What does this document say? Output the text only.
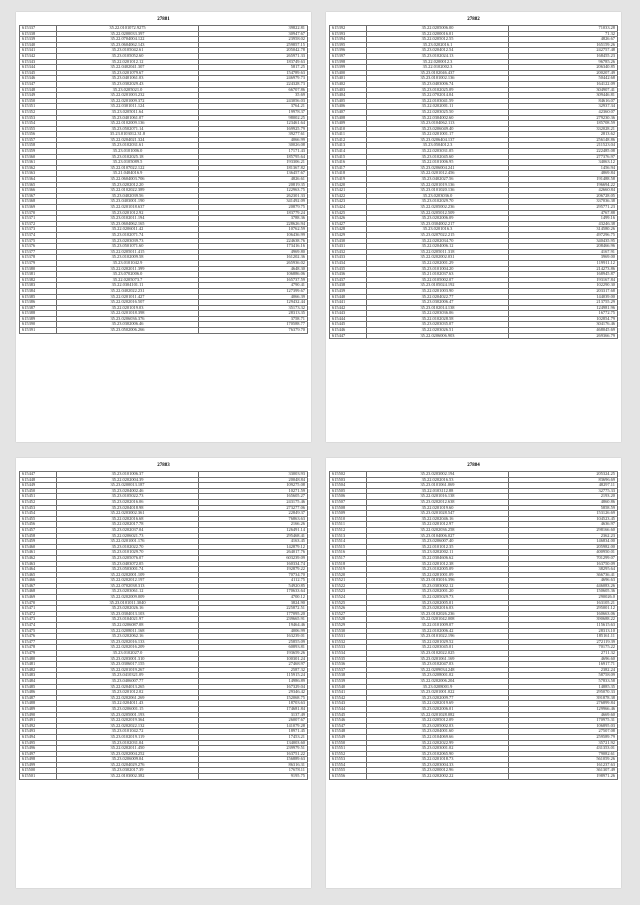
27881
615337	35.22.0101072.9275	39822.81
615338	35.22.0200033.397	30947.67
615339	35.22.0704004.122	23958.02
615340	35.23.0604062.143	259857.15
615341	35.23.0105042.61	205042.78
615342	35.23.0105052.60	265971.33
615343	35.22.0201012.12	183749.63
615344	35.22.0402041.307	5817.25
615345	35.23.0201079.67	154789.63
615346	35.23.0401061.03	246979.73
615347	35.23.0302029.43	224328.73
615348	35.23.0205021.0	66707.86
615349	35.22.0201003.232	35.69
615350	35.22.0201009.372	243056.03
615351	35.22.0301011.124	3764.21
615352	35.23.0205011.64	19978.37
615353	35.23.0401061.07	98002.25
615354	35.22.0102009.136	123461.64
615355	35.23.0502071.14	169925.79
615356	35.23.0103012.31.8	39277.61
615357	35.22.0204021.324	4066.99
615358	35.23.0102031.61	30026.08
615359	35.23.0101006.0	17171.43
615360	35.23.0102025.18	185795.64
615361	35.23.0105089.5	193306.21
615362	35.22.0107022.122	181367.82
615363	35.21.0404016.9	136457.67
615364	35.22.0604003.706	4826.61
615365	35.23.0202012.20	20819.35
615366	35.22.0102022.389	122963.75
615367	35.23.0402039.56	262301.33
615368	35.23.0403001.190	341492.09
615369	35.22.0201018.637	20879.75
615370	35.23.0201012.92	183779.24
615371	35.23.0102011.194	3788.36
615372	35.23.0604062.165	228626.94
615373	35.22.0206011.42	10762.59
615374	35.23.0102071.74	106436.99
615375	35.23.0203039.73	224638.76
615376	35.23.0501071.60	173416.16
615377	35.22.0205011.415	4969.80
615378	35.23.0102009.58	161202.36
615379	35.23.0101042.9	265936.02
615380	35.22.0202011.399	4648.30
615381	35.23.0702006.0	106886.06
615382	35.22.0205073.7	165737.59
615383	35.22.0304101.11	4790.41
615384	35.22.0402022.231	127399.67
615385	35.22.0201011.427	4066.39
615386	35.22.0202016.507	129432.44
615387	35.22.0201019.03	35173.32
615388	35.22.0201018.398	28313.35
615389	35.23.0206036.376	3758.71
615390	35.23.0302006.46	170588.77
615391	35.23.0502006.266	76379.70
27882
615392	35.22.0205006.00	71033.28
615393	35.22.0200016.01	71.32
615394	35.22.0205012.55	4826.67
615395	35.23.0202016.1	165159.26
615396	35.23.0204012.54	242757.48
615397	35.23.0102024.13	168455.23
615398	35.22.0200012.3	96785.26
615399	35.22.0102002.3	206340.85
615400	35.23.0102046.437	200207.49
615401	35.23.0101002.136	50442.68
615402	35.23.0403006.74	164122.09
615403	35.23.0102025.09	304907.41
615404	35.22.0702014.04	309446.81
615405	35.22.0103041.59	84616.07
615406	35.22.0202001.11	32937.34
615407	35.22.0203025.50	42360.07
615408	35.22.0304002.60	279230.36
615409	35.23.0104062.113	185708.59
615410	35.23.0206049.40	332028.21
615411	35.22.0201001.17	2813.62
615412	35.23.0206404.137	256148.86
615413	35.23.0504012.3	211523.04
615414	35.22.0203031.05	222485.08
615415	35.23.0102045.60	277376.97
615416	35.22.0101006.95	34063.12
615417	35.23.0206004.241	1456.94
615418	35.22.0201012.456	4869.84
615419	35.23.0402027.56	191488.58
615420	35.22.0201019.136	196694.22
615421	35.23.0101020.136	42660.84
615422	35.23.0203036.0	206728.05
615423	35.23.0102029.70	337036.38
615424	35.22.0205002.236	295771.23
615425	35.22.0205012.509	4767.88
615426	35.23.0202006.09	1499.16
615427	35.23.0304002.217	43246.38
615428	35.23.0201016.3	314580.26
615429	35.23.0207022.215	497296.75
615430	35.22.0202034.70	340435.95
615431	35.22.0204006.12	208466.96
615432	35.22.0205011.318	4167.91
615433	35.22.0202002.031	3969.00
615434	35.22.0202001.29	119911.12
615435	35.23.0101004.20	214273.86
615436	35.21.0102037.63	168945.87
615437	35.22.0105002.07	193167.84
615438	35.23.0105024.192	102290.30
615439	35.22.0201003.90	203317.68
615440	35.22.0204022.77	144039.00
615441	35.23.0302006.47	213755.29
615442	35.23.0102014.138	124981.96
615443	35.22.0203036.06	16772.75
615444	35.22.0102028.58	102854.79
615445	35.23.0203035.07	304176.46
615446	35.22.0203026.51	468045.69
615447	35.22.0206006.903	269366.79
27883
615447	35.23.0101006.37	33003.93
615448	35.22.0202004.39	20048.84
615449	35.23.0200013.187	109275.08
615450	35.23.0204002.46	10271.59
615451	35.23.0105022.73	165605.27
615452	35.23.0202016.06	243175.46
615453	35.23.0204018.98	273277.06
615454	35.22.0203002.361	22849.37
615455	35.22.0202016.68	76863.63
615456	35.22.0202017.78	2166.26
615457	35.23.0202037.04	126491.14
615458	35.22.0206021.73	295468.41
615459	35.22.0201001.176	4163.45
615460	35.23.0102022.70	142879.12
615461	35.23.0101029.70	264017.76
615462	35.23.0205076.07	603239.09
615463	35.23.0403072.05	160334.74
615464	35.23.0503001.74	192879.22
615465	35.22.0202001.109	70734.70
615466	35.22.0202012.197	4112.75
615467	35.22.0702038.313	54920.85
615468	35.23.0203061.12	170633.64
615469	35.22.0202009.009	4700.12
615470	35.23.0101011.3040	3824.90
615471	35.23.0202026.16	225872.51
615472	35.23.0304013.103	177095.20
615473	35.23.0104021.97	239665.91
615474	35.22.0206087.08	19464.46
615475	35.22.0208011.168	4006.99
615476	35.23.0202062.16	163239.01
615477	35.23.0202016.133	25855.09
615478	35.22.0202016.209	60893.81
615479	35.23.0102027.0	193659.26
615480	35.23.0203001.310	100301.24
615481	35.23.0306017.155	27468.97
615482	35.22.0201019.267	2587.32
615483	35.23.0410321.09	115915.24
615484	35.23.0406007.77	14986.89
615485	35.22.0204013.265	167329.04
615486	35.23.0201012.02	29346.42
615487	35.22.0202061.269	152068.75
615488	35.22.0204011.43	18703.63
615489	35.23.0206001.15	174681.84
615490	35.23.0205001.193	3137.49
615491	35.22.0202019.364	26007.67
615492	35.22.0202022.132	141079.28
615493	35.23.0101042.72	18971.45
615494	35.23.0102019.119	17453.21
615495	35.23.0102031.04	134003.60
615496	35.22.0202011.450	239979.51
615497	35.23.0202004.252	163751.22
615498	35.23.0206009.04	156889.63
615499	35.22.0204029.276	86316.31
615500	35.23.0302017.39	17678.11
615501	35.22.0103002.382	9195.75
27884
615502	35.23.0203002.194	205324.25
615503	35.22.0202016.53	83696.69
615504	35.23.0101061.069	48297.11
615505	35.22.0103112.88	32775.33
615506	35.22.0201016.138	2193.20
615507	35.23.0202012.638	4860.86
615508	35.22.0201019.60	5858.59
615509	35.23.0201028.547	153126.69
615510	35.22.0202046.16	104523.45
615511	35.22.0201012.97	4636.97
615512	35.22.0202036.258	298166.60
615513	35.23.0104006.027	2362.23
615514	35.23.0206007.40	146834.00
615515	35.22.0101012.35	205982.00
615516	35.23.0202002.11	400950.01
615517	35.22.0304606.62	701299.07
615518	35.22.0201012.38	163750.09
615519	35.23.0102005.09	38295.64
615520	35.22.0201001.09	366736.41
615521	35.23.0103016.396	4696.63
615522	35.23.0303002.12	446083.26
615523	35.23.0202001.20	150605.36
615524	35.22.0205029.73	290026.0
615525	35.23.0202005.01	163105.21
615526	35.23.0202016.03	295001.12
615527	35.23.0102026.236	160663.06
615528	35.22.0201042.008	390688.22
615529	35.22.0101009.07	115615.63
615530	35.22.0102006.42	28313.10
615531	35.23.0101022.196	185161.11
615532	35.22.0201029.52	272119.39
615533	35.22.0203045.01	70175.22
615534	35.23.0102022.025	2711.32
615535	35.23.0201061.169	4696.60
615536	35.23.0102047.03	16917.71
615537	35.22.0209034.248	2382.24
615538	35.23.0208001.02	58758.09
615539	35.22.0202006.204	57833.58
615540	35.23.0208001.9	14885.35
615541	35.23.0201001.022	295070.33
615542	35.23.0202009.77	391878.38
615543	35.22.0202019.69	276899.84
615544	35.23.0202006.01	129966.46
615545	35.22.0201028.082	4669.60
615546	35.22.0205012.09	170975.31
615547	35.23.0205002.03	106895.03
615548	35.23.0204001.60	27507.08
615549	35.22.0104069.66	259589.79
615550	35.22.0202022.99	35721.92
615551	35.23.0203001.02	431353.01
615552	35.23.0102065.90	79082.61
615553	35.22.0201018.73	561059.26
615554	35.23.0203004.33	161237.63
615555	35.23.0200012.96	361307.49
615556	35.22.0202002.22	198971.26
